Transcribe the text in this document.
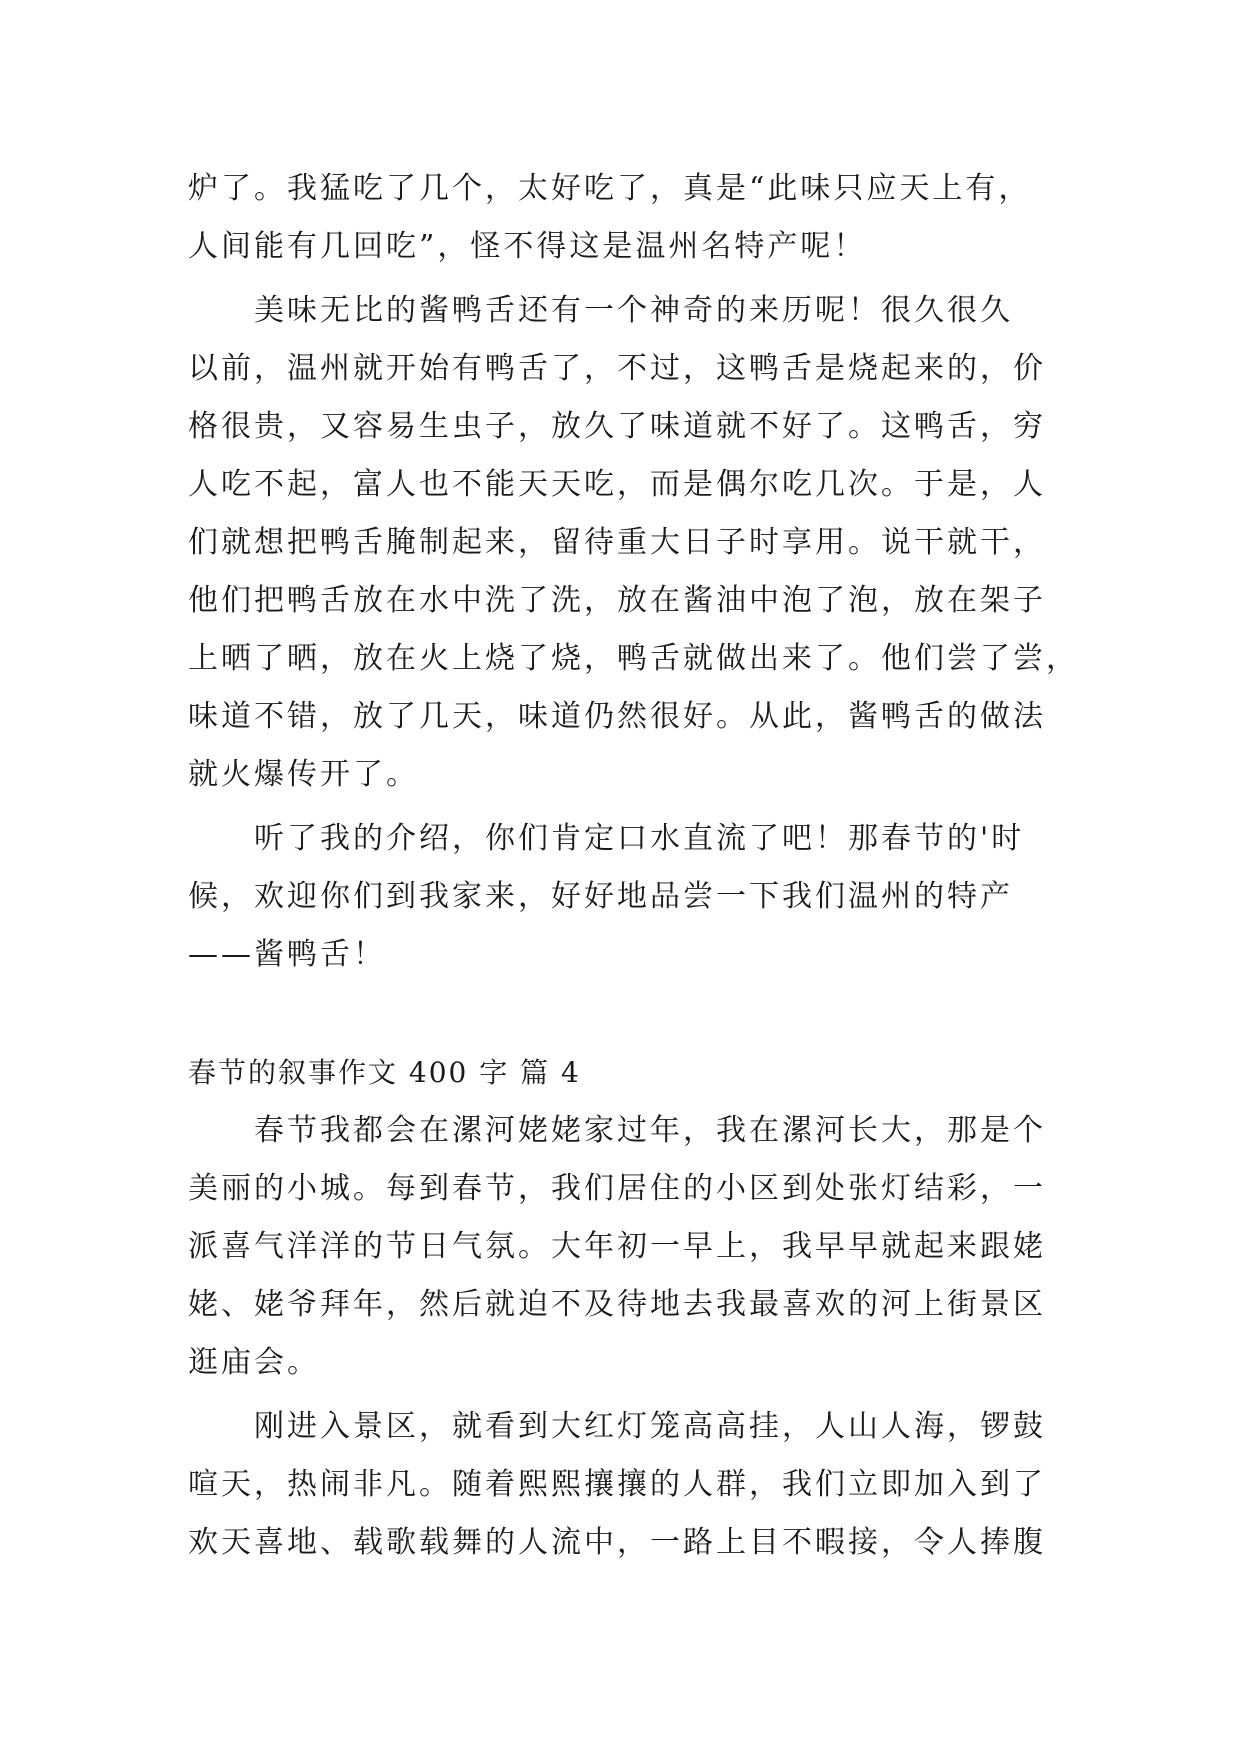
炉了。我猛吃了几个，太好吃了，真是“此味只应天上有，
人间能有几回吃”，怪不得这是温州名特产呢！
美味无比的酱鸭舌还有一个神奇的来历呢！很久很久
以前，温州就开始有鸭舌了，不过，这鸭舌是烧起来的，价
格很贵，又容易生虫子，放久了味道就不好了。这鸭舌，穷
人吃不起，富人也不能天天吃，而是偶尔吃几次。于是，人
们就想把鸭舌腌制起来，留待重大日子时享用。说干就干，
他们把鸭舌放在水中洗了洗，放在酱油中泡了泡，放在架子
上晒了晒，放在火上烧了烧，鸭舌就做出来了。他们尝了尝，
味道不错，放了几天，味道仍然很好。从此，酱鸭舌的做法
就火爆传开了。
听了我的介绍，你们肯定口水直流了吧！那春节的'时
候，欢迎你们到我家来，好好地品尝一下我们温州的特产
——酱鸭舌！
春节的叙事作文 400 字 篇 4
春节我都会在漯河姥姥家过年，我在漯河长大，那是个
美丽的小城。每到春节，我们居住的小区到处张灯结彩，一
派喜气洋洋的节日气氛。大年初一早上，我早早就起来跟姥
姥、姥爷拜年，然后就迫不及待地去我最喜欢的河上街景区
逛庙会。
刚进入景区，就看到大红灯笼高高挂，人山人海，锣鼓
喧天，热闹非凡。随着熙熙攘攘的人群，我们立即加入到了
欢天喜地、载歌载舞的人流中，一路上目不暇接，令人捧腹
